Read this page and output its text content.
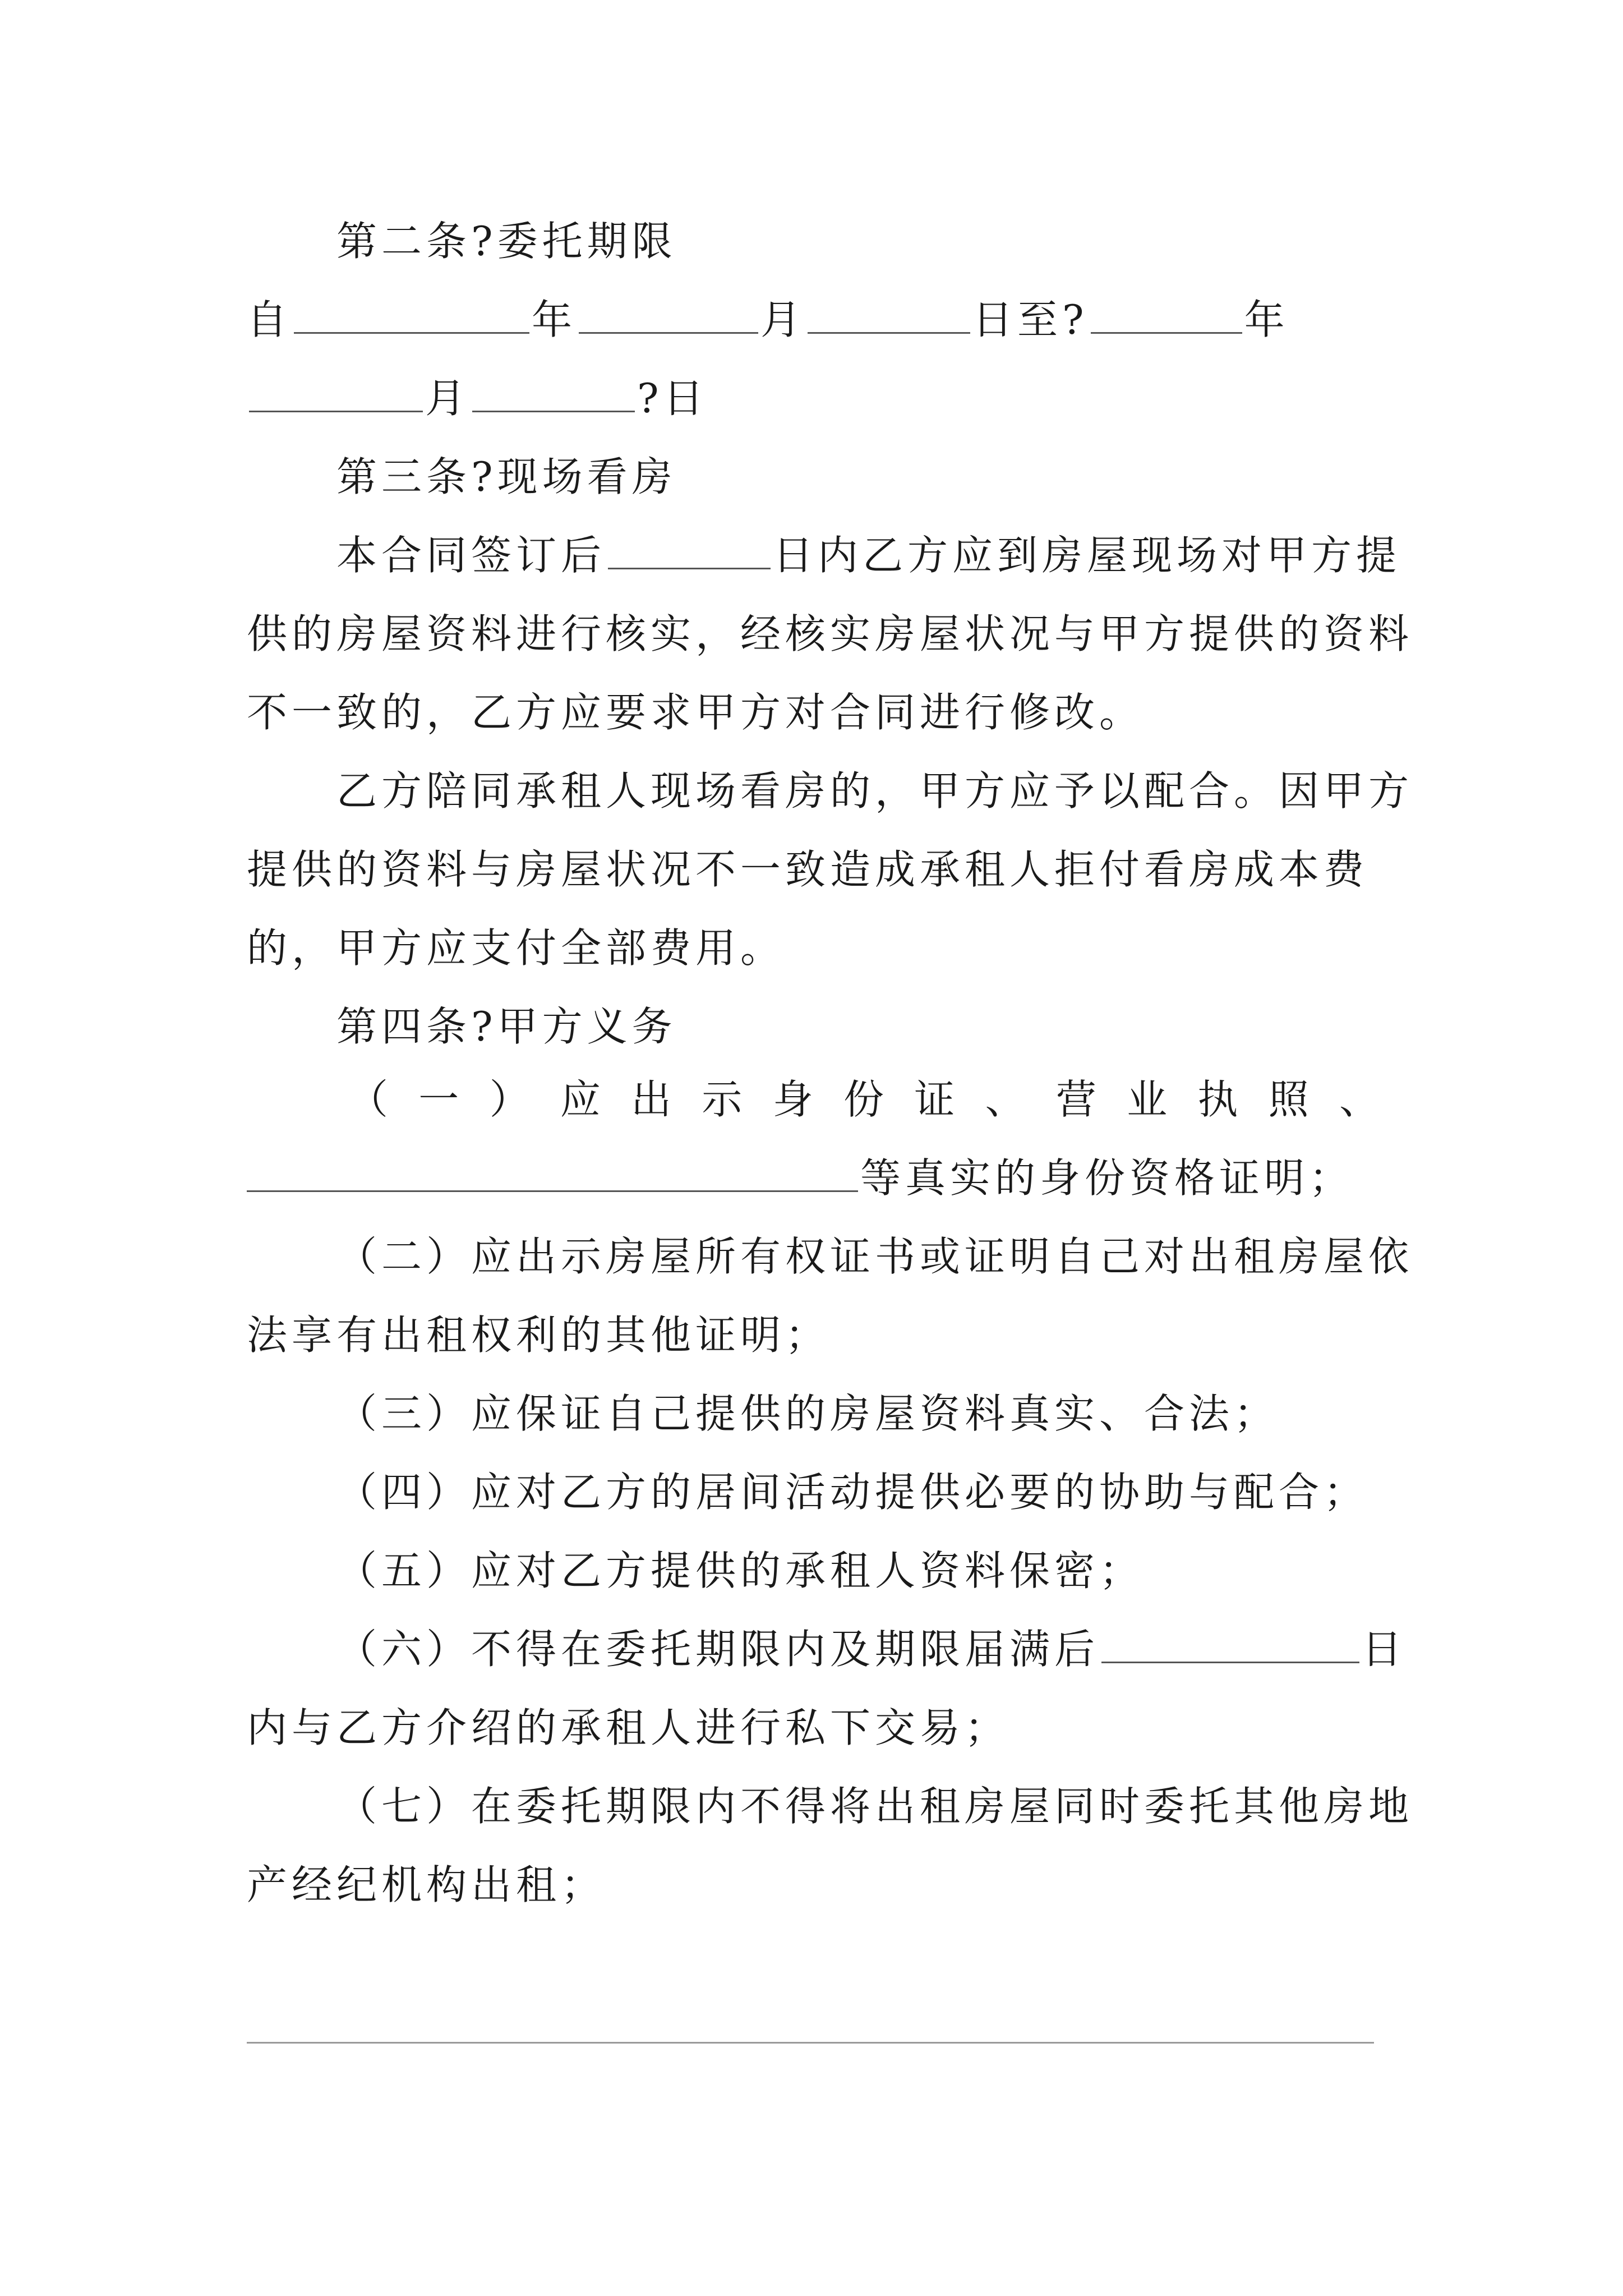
第二条?委托期限
自	年	月	日至?	年
月	?日
第三条?现场看房
本合同签订后	日内乙方应到房屋现场对甲方提
供的房屋资料进行核实，经核实房屋状况与甲方提供的资料
不一致的，乙方应要求甲方对合同进行修改。
乙方陪同承租人现场看房的，甲方应予以配合。因甲方
提供的资料与房屋状况不一致造成承租人拒付看房成本费
的，甲方应支付全部费用。
第四条?甲方义务
（ 一 ） 应 出 示 身 份 证 、 营 业 执 照 、
等真实的身份资格证明；
（二）应出示房屋所有权证书或证明自己对出租房屋依
法享有出租权利的其他证明；
（三）应保证自己提供的房屋资料真实、合法；
（四）应对乙方的居间活动提供必要的协助与配合；
（五）应对乙方提供的承租人资料保密；
（六）不得在委托期限内及期限届满后	日
内与乙方介绍的承租人进行私下交易；
（七）在委托期限内不得将出租房屋同时委托其他房地
产经纪机构出租；
